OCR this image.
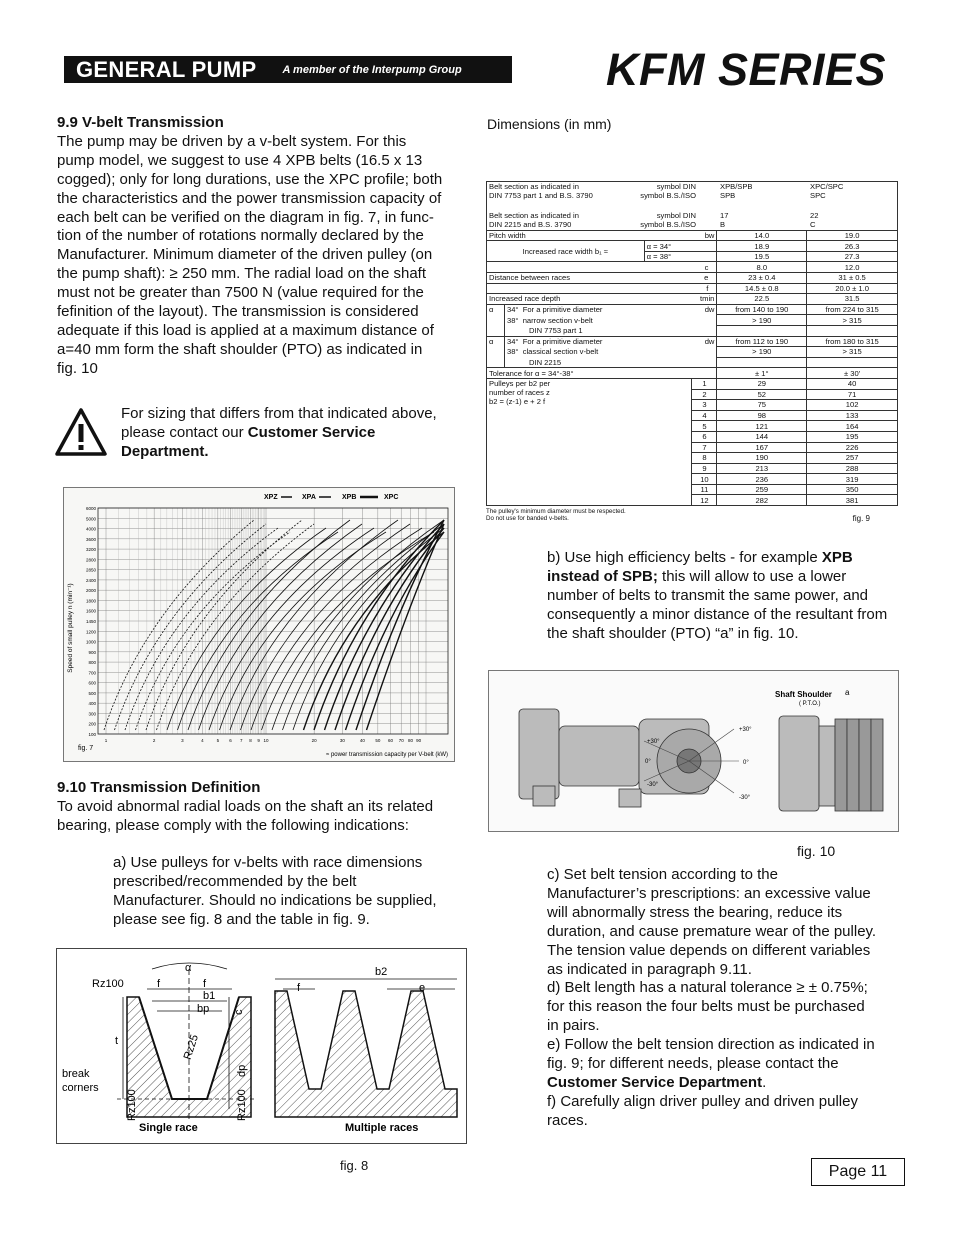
GENERAL PUMP A member of the Interpump Group	KFM SERIES
9.9 V-belt Transmission
The pump may be driven by a v-belt system. For this
pump model, we suggest to use 4 XPB belts (16.5 x 13
cogged); only for long durations, use the XPC profile; both
the characteristics and the power transmission capacity of
each belt can be verified on the diagram in fig. 7, in func-
tion of the number of rotations normally declared by the
Manufacturer. Minimum diameter of the driven pulley (on
the pump shaft): ≥ 250 mm. The radial load on the shaft
must not be greater than 7500 N (value required for the
fefinition of the layout). The transmission is considered
adequate if this load is applied at a maximum distance of
a=40 mm form the shaft shoulder (PTO) as indicated in
fig. 10
For sizing that differs from that indicated above, please contact our Customer Service Department.
6000
5000
4000
3600
3200
2800
2850
2400
2000
1800
1600
1450
1200
1000
900
800
700
600
500
400
300
200
100
1	2	3	4	5 6 7 8 9 10	20	30	40 50 60 70 80 90
XPZ	XPA	XPB	XPC
Speed of small pulley n (min⁻¹)
≈ power transmission capacity per V-belt (kW)
fig. 7
9.10 Transmission Definition
To avoid abnormal radial loads on the shaft an its related
bearing, please comply with the following indications:
a) Use pulleys for v-belts with race dimensions
prescribed/recommended by the belt
Manufacturer. Should no indications be supplied,
please see fig. 8 and the table in fig. 9.
Rz100
α
f	f
b1
bp c
t	Rz25
break
corners
dp
Rz100	Rz100
Single race
b2
f	e
Multiple races
fig. 8
Dimensions (in mm)
Belt section as indicated in	symbol DIN	XPB/SPB	XPC/SPC
DIN 7753 part 1 and B.S. 3790	symbol B.S./ISO	SPB	SPC
Belt section as indicated in	symbol DIN	17	22
DIN 2215 and B.S. 3790	symbol B.S./ISO	B	C
Pitch width bw				14.0	19.0
Increased race width b₁ ≈		α = 34°		18.9	26.3
		α = 38°		19.5	27.3
c				8.0	12.0
Distance between races e				23 ± 0.4	31 ± 0.5
f				14.5 ± 0.8	20.0 ± 1.0
Increased race depth tmin				22.5	31.5
α	34° For a primitive diameter dw			from 140 to 190	from 224 to 315
	38° narrow section v-belt			> 190	> 315
	DIN 7753 part 1				
α	34° For a primitive diameter dw			from 112 to 190	from 180 to 315
	38° classical section v-belt			> 190	> 315
	DIN 2215				
Tolerance for α = 34°-38°				± 1°	± 30'

Pulleys per b2 per
number of races z
b2 = (z-1) e + 2 f			1	29	40
			2	52	71
			3	75	102
			4	98	133
			5	121	164
			6	144	195
			7	167	226
			8	190	257
			9	213	288
			10	236	319
			11	259	350
			12	282	381
The pulley's minimum diameter must be respected.
Do not use for banded v-belts.	fig. 9
b) Use high efficiency belts - for example XPB instead of SPB; this will allow to use a lower number of belts to transmit the same power, and consequently a minor distance of the resultant from the shaft shoulder (PTO) “a” in fig. 10.
Shaft Shoulder a
( P.T.O.)
+30°
0°
-30°
+30°
0°
-30°
fig. 10
c) Set belt tension according to the
Manufacturer’s prescriptions: an excessive value
will abnormally stress the bearing, reduce its
duration, and cause premature wear of the pulley.
The tension value depends on different variables
as indicated in paragraph 9.11.
d) Belt length has a natural tolerance ≥ ± 0.75%;
for this reason the four belts must be purchased
in pairs.
e) Follow the belt tension direction as indicated in
fig. 9; for different needs, please contact the
Customer Service Department.
f) Carefully align driver pulley and driven pulley
races.
Page 11
